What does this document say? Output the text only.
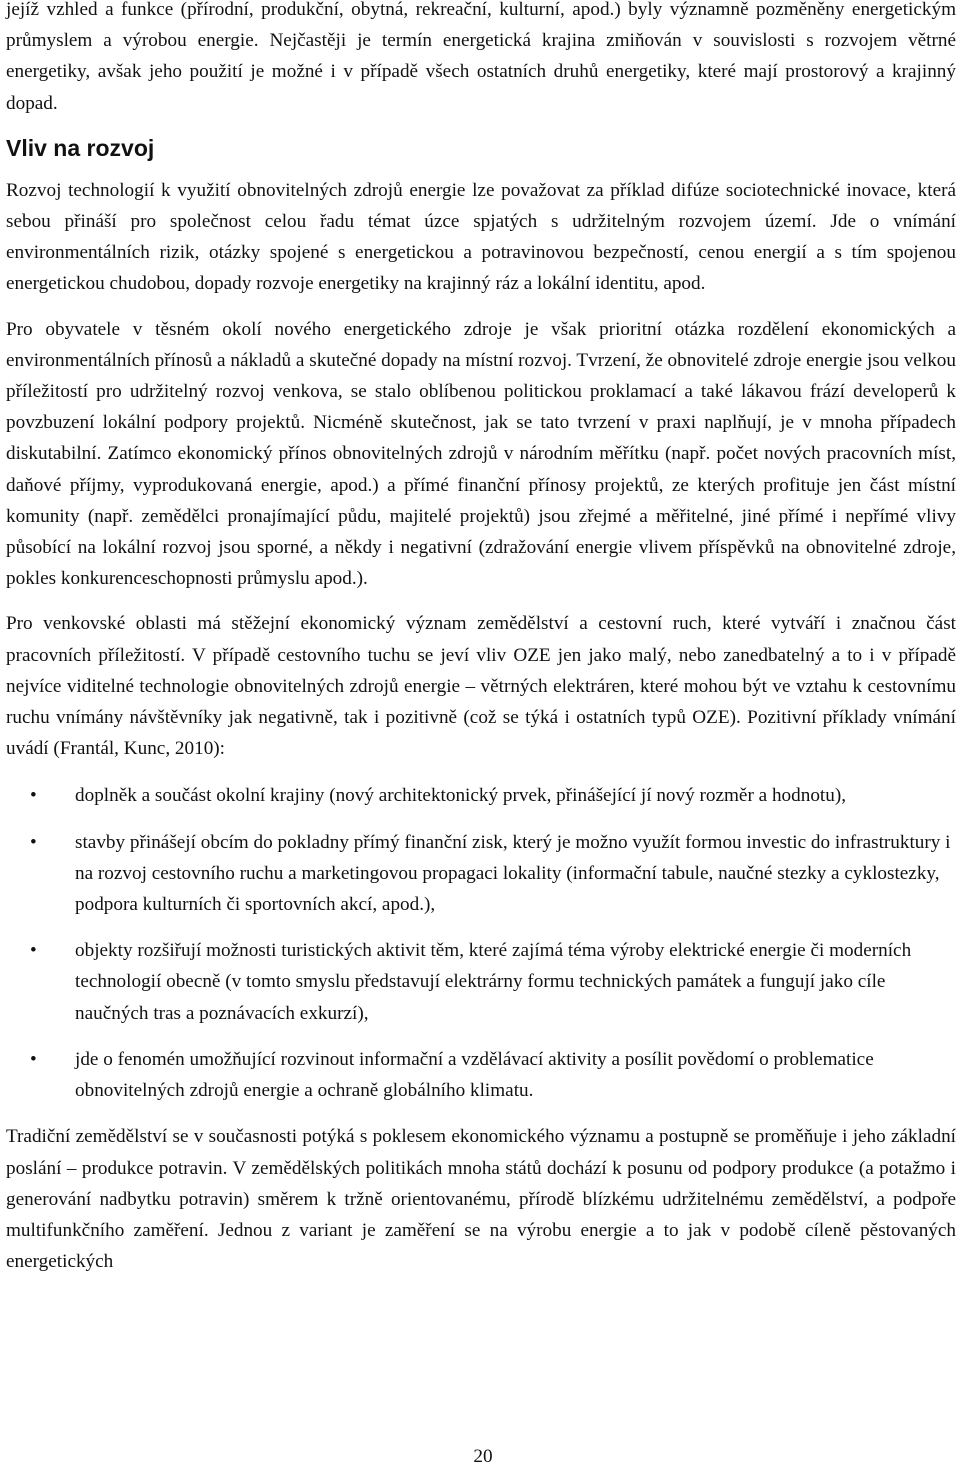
jejíž vzhled a funkce (přírodní, produkční, obytná, rekreační, kulturní, apod.) byly významně pozměněny energetickým průmyslem a výrobou energie. Nejčastěji je termín energetická krajina zmiňován v souvislosti s rozvojem větrné energetiky, avšak jeho použití je možné i v případě všech ostatních druhů energetiky, které mají prostorový a krajinný dopad.

Vliv na rozvoj

Rozvoj technologií k využití obnovitelných zdrojů energie lze považovat za příklad difúze sociotechnické inovace, která sebou přináší pro společnost celou řadu témat úzce spjatých s udržitelným rozvojem území. Jde o vnímání environmentálních rizik, otázky spojené s energetickou a potravinovou bezpečností, cenou energií a s tím spojenou energetickou chudobou, dopady rozvoje energetiky na krajinný ráz a lokální identitu, apod.

Pro obyvatele v těsném okolí nového energetického zdroje je však prioritní otázka rozdělení ekonomických a environmentálních přínosů a nákladů a skutečné dopady na místní rozvoj. Tvrzení, že obnovitelé zdroje energie jsou velkou příležitostí pro udržitelný rozvoj venkova, se stalo oblíbenou politickou proklamací a také lákavou frází developerů k povzbuzení lokální podpory projektů. Nicméně skutečnost, jak se tato tvrzení v praxi naplňují, je v mnoha případech diskutabilní. Zatímco ekonomický přínos obnovitelných zdrojů v národním měřítku (např. počet nových pracovních míst, daňové příjmy, vyprodukovaná energie, apod.) a přímé finanční přínosy projektů, ze kterých profituje jen část místní komunity (např. zemědělci pronajímající půdu, majitelé projektů) jsou zřejmé a měřitelné, jiné přímé i nepřímé vlivy působící na lokální rozvoj jsou sporné, a někdy i negativní (zdražování energie vlivem příspěvků na obnovitelné zdroje, pokles konkurenceschopnosti průmyslu apod.).

Pro venkovské oblasti má stěžejní ekonomický význam zemědělství a cestovní ruch, které vytváří i značnou část pracovních příležitostí. V případě cestovního tuchu se jeví vliv OZE jen jako malý, nebo zanedbatelný a to i v případě nejvíce viditelné technologie obnovitelných zdrojů energie – větrných elektráren, které mohou být ve vztahu k cestovnímu ruchu vnímány návštěvníky jak negativně, tak i pozitivně (což se týká i ostatních typů OZE). Pozitivní příklady vnímání uvádí (Frantál, Kunc, 2010):

• doplněk a součást okolní krajiny (nový architektonický prvek, přinášející jí nový rozměr a hodnotu),

• stavby přinášejí obcím do pokladny přímý finanční zisk, který je možno využít formou investic do infrastruktury i na rozvoj cestovního ruchu a marketingovou propagaci lokality (informační tabule, naučné stezky a cyklostezky, podpora kulturních či sportovních akcí, apod.),

• objekty rozšiřují možnosti turistických aktivit těm, které zajímá téma výroby elektrické energie či moderních technologií obecně (v tomto smyslu představují elektrárny formu technických památek a fungují jako cíle naučných tras a poznávacích exkurzí),

• jde o fenomén umožňující rozvinout informační a vzdělávací aktivity a posílit povědomí o problematice obnovitelných zdrojů energie a ochraně globálního klimatu.

Tradiční zemědělství se v současnosti potýká s poklesem ekonomického významu a postupně se proměňuje i jeho základní poslání – produkce potravin. V zemědělských politikách mnoha států dochází k posunu od podpory produkce (a potažmo i generování nadbytku potravin) směrem k tržně orientovanému, přírodě blízkému udržitelnému zemědělství, a podpoře multifunkčního zaměření. Jednou z variant je zaměření se na výrobu energie a to jak v podobě cíleně pěstovaných energetických

20
